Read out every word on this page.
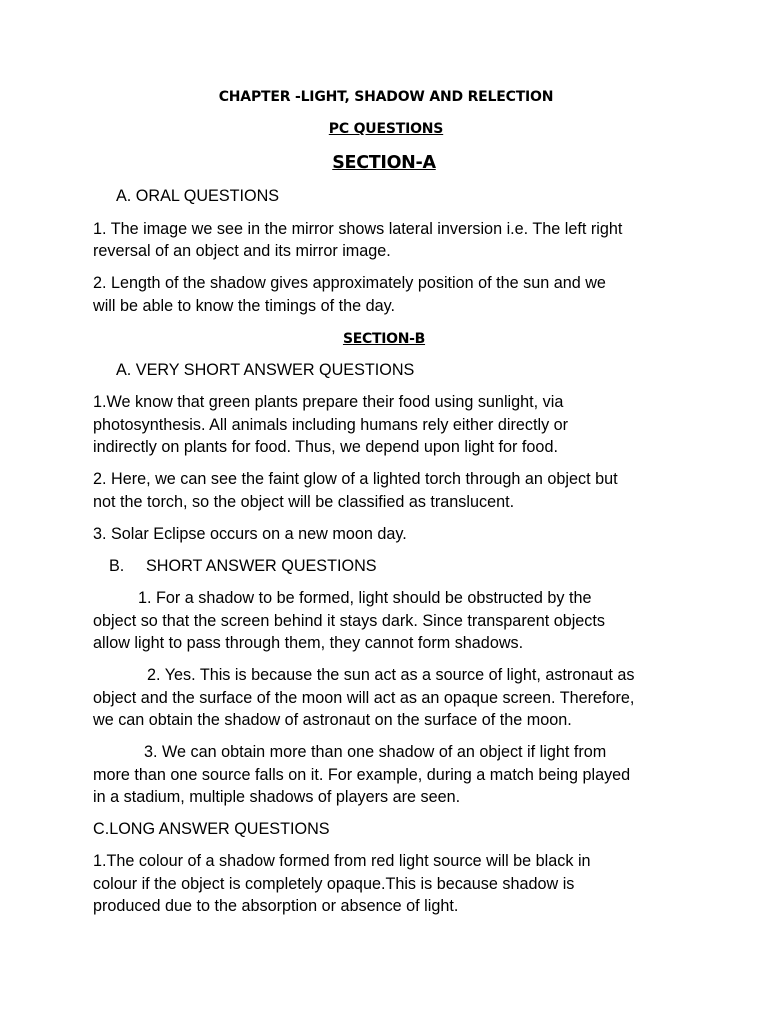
CHAPTER -LIGHT, SHADOW AND RELECTION
PC QUESTIONS
SECTION-A
A. ORAL QUESTIONS
1. The image we see in the mirror shows lateral inversion i.e. The left right
reversal of an object and its mirror image.
2. Length of the shadow gives approximately position of the sun and we
will be able to know the timings of the day.
SECTION-B
A. VERY SHORT ANSWER QUESTIONS
1.We know that green plants prepare their food using sunlight, via
photosynthesis. All animals including humans rely either directly or
indirectly on plants for food. Thus, we depend upon light for food.
2. Here, we can see the faint glow of a lighted torch through an object but
not the torch, so the object will be classified as translucent.
3. Solar Eclipse occurs on a new moon day.
B. SHORT ANSWER QUESTIONS
1. For a shadow to be formed, light should be obstructed by the
object so that the screen behind it stays dark. Since transparent objects
allow light to pass through them, they cannot form shadows.
2. Yes. This is because the sun act as a source of light, astronaut as
object and the surface of the moon will act as an opaque screen. Therefore,
we can obtain the shadow of astronaut on the surface of the moon.
3. We can obtain more than one shadow of an object if light from
more than one source falls on it. For example, during a match being played
in a stadium, multiple shadows of players are seen.
C.LONG ANSWER QUESTIONS
1.The colour of a shadow formed from red light source will be black in
colour if the object is completely opaque.This is because shadow is
produced due to the absorption or absence of light.
